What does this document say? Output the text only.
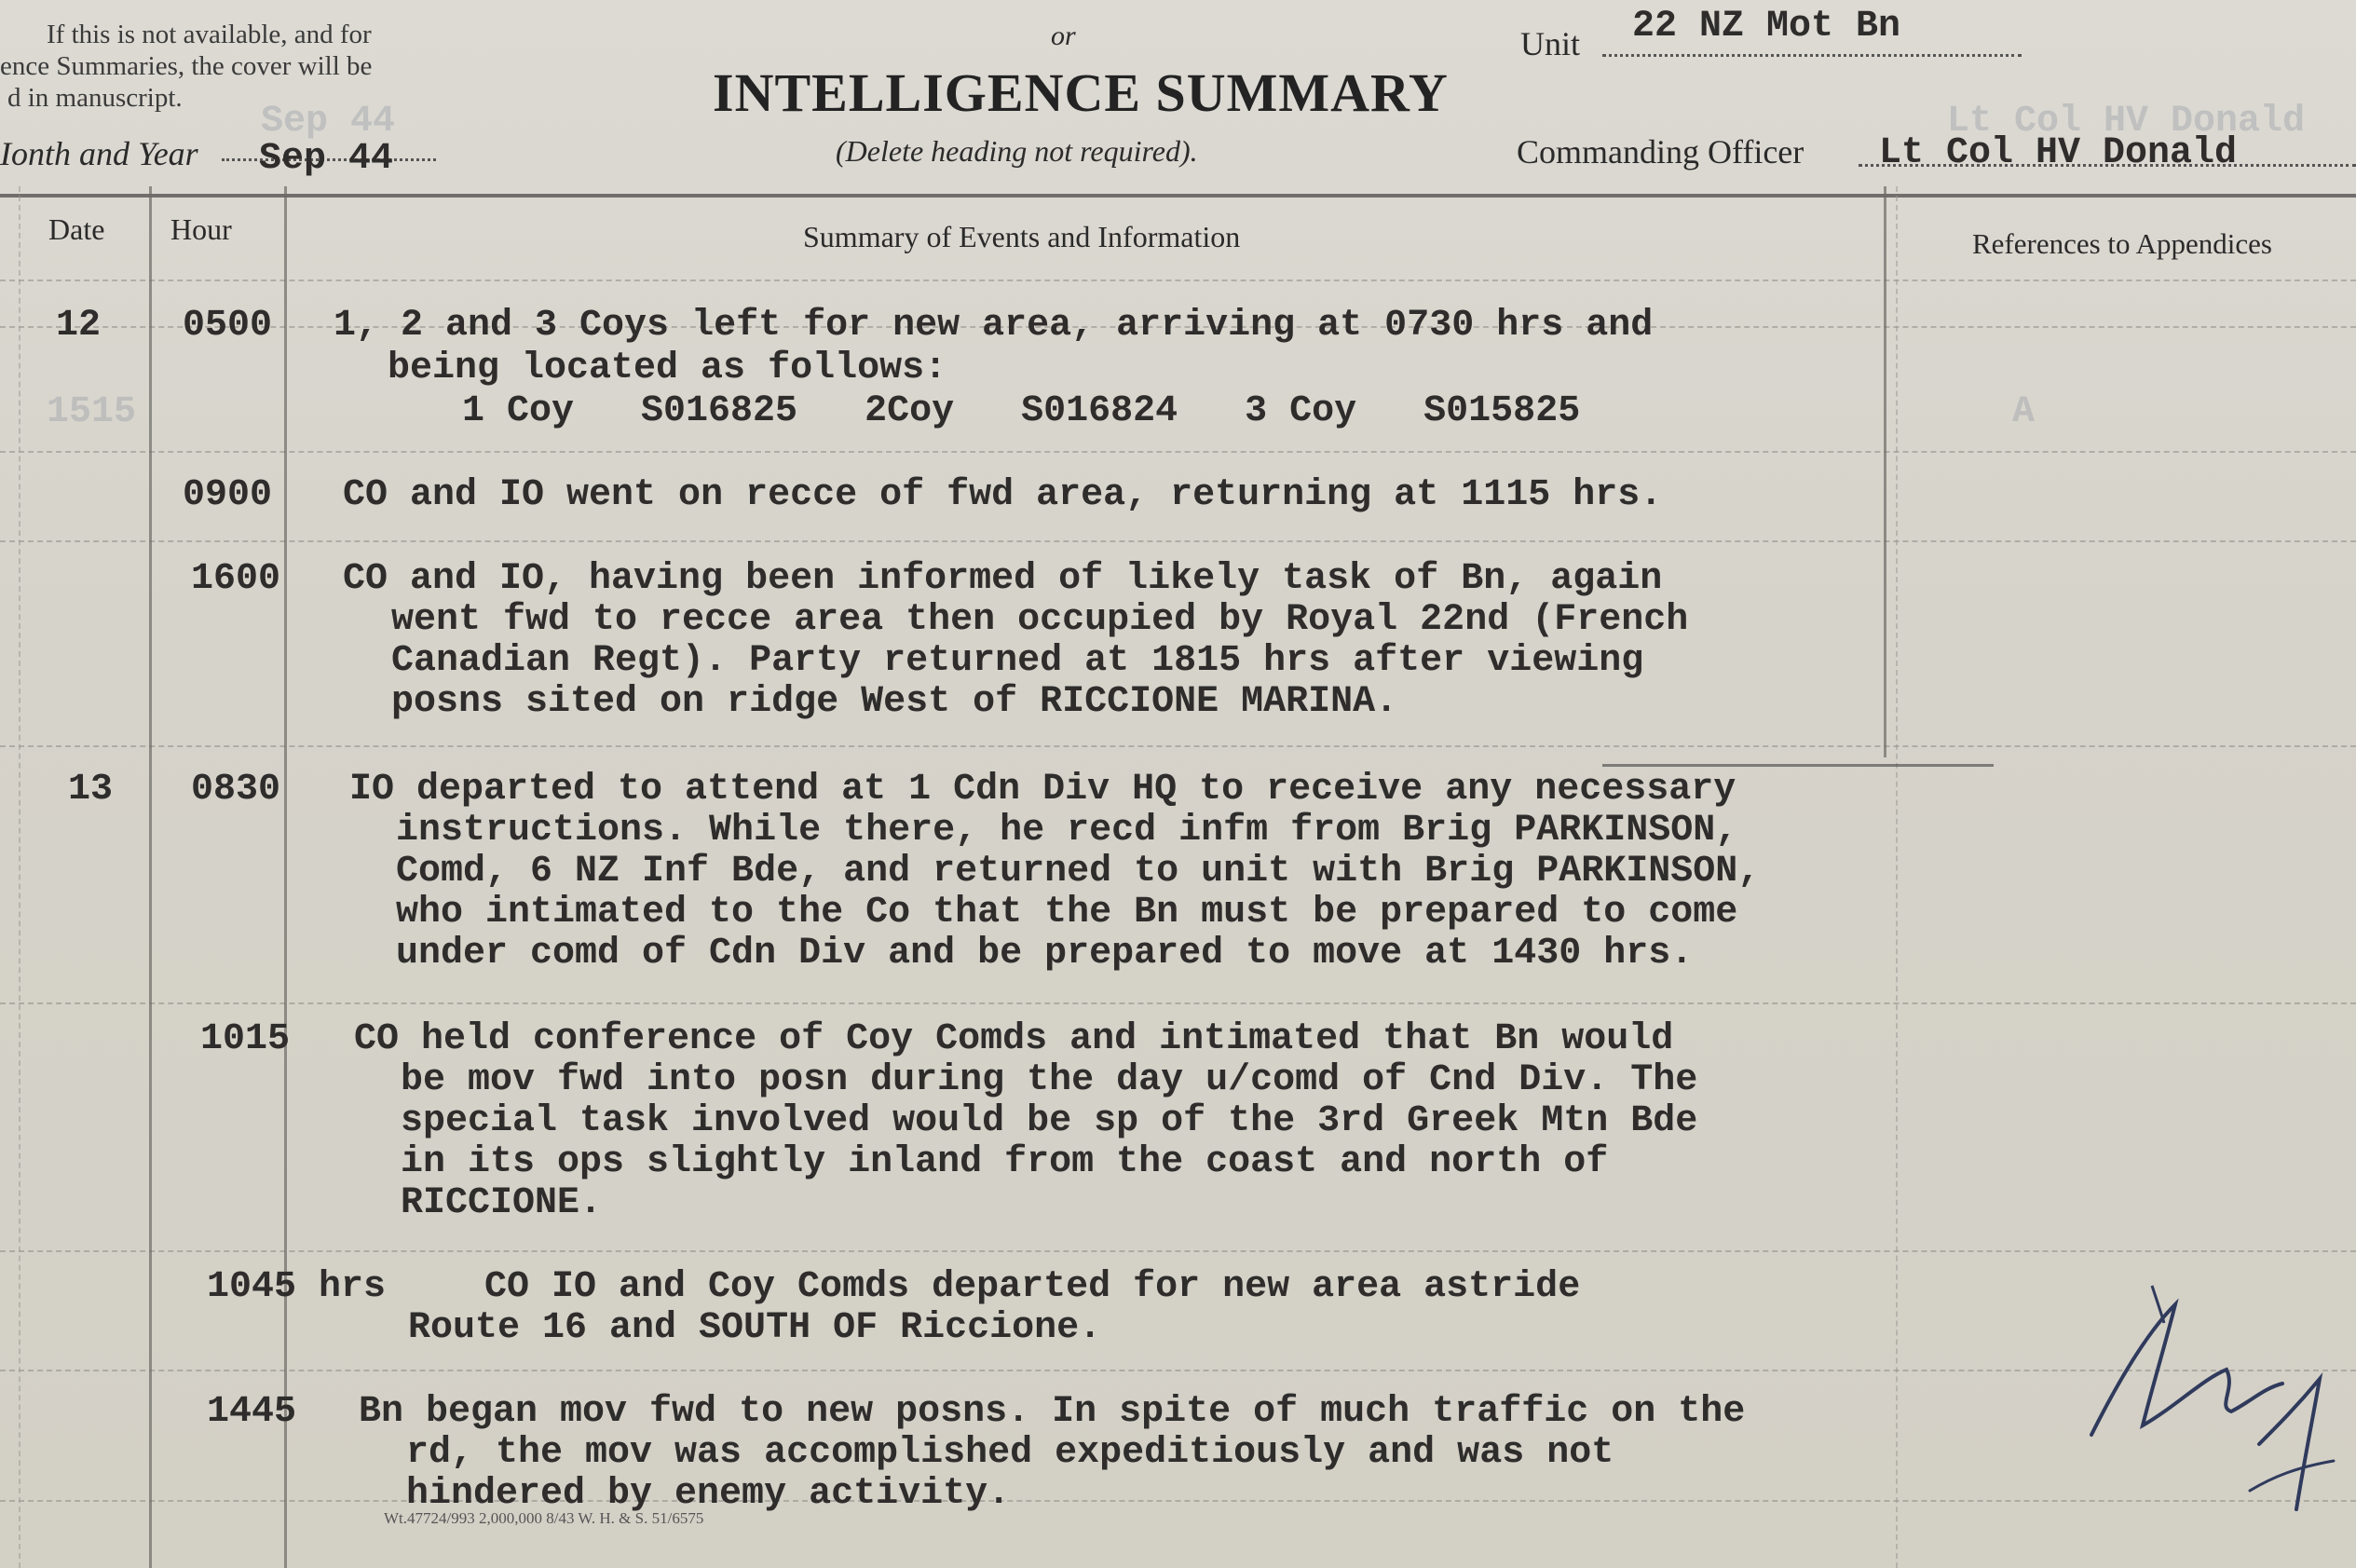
If this is not available, and for
ence Summaries, the cover will be
d in manuscript.
or
INTELLIGENCE SUMMARY
(Delete heading not required).
Ionth and Year Sep 44
Unit 22 NZ Mot Bn
Commanding Officer Lt Col HV Donald
Date Hour	Summary of Events and Information	References to Appendices
Sep 44	Lt Col HV Donald
1515	A
12 0500 1, 2 and 3 Coys left for new area, arriving at 0730 hrs and
being located as follows:
1 Coy   S016825   2Coy   S016824   3 Coy   S015825
0900 CO and IO went on recce of fwd area, returning at 1115 hrs.
1600 CO and IO, having been informed of likely task of Bn, again
went fwd to recce area then occupied by Royal 22nd (French
Canadian Regt). Party returned at 1815 hrs after viewing
posns sited on ridge West of RICCIONE MARINA.
13 0830 IO departed to attend at 1 Cdn Div HQ to receive any necessary
instructions. While there, he recd infm from Brig PARKINSON,
Comd, 6 NZ Inf Bde, and returned to unit with Brig PARKINSON,
who intimated to the Co that the Bn must be prepared to come
under comd of Cdn Div and be prepared to move at 1430 hrs.
1015 CO held conference of Coy Comds and intimated that Bn would
be mov fwd into posn during the day u/comd of Cnd Div. The
special task involved would be sp of the 3rd Greek Mtn Bde
in its ops slightly inland from the coast and north of
RICCIONE.
1045 hrs	CO IO and Coy Comds departed for new area astride
Route 16 and SOUTH OF Riccione.
1445 Bn began mov fwd to new posns. In spite of much traffic on the
rd, the mov was accomplished expeditiously and was not
hindered by enemy activity.
Wt.47724/993 2,000,000 8/43 W. H. & S. 51/6575
